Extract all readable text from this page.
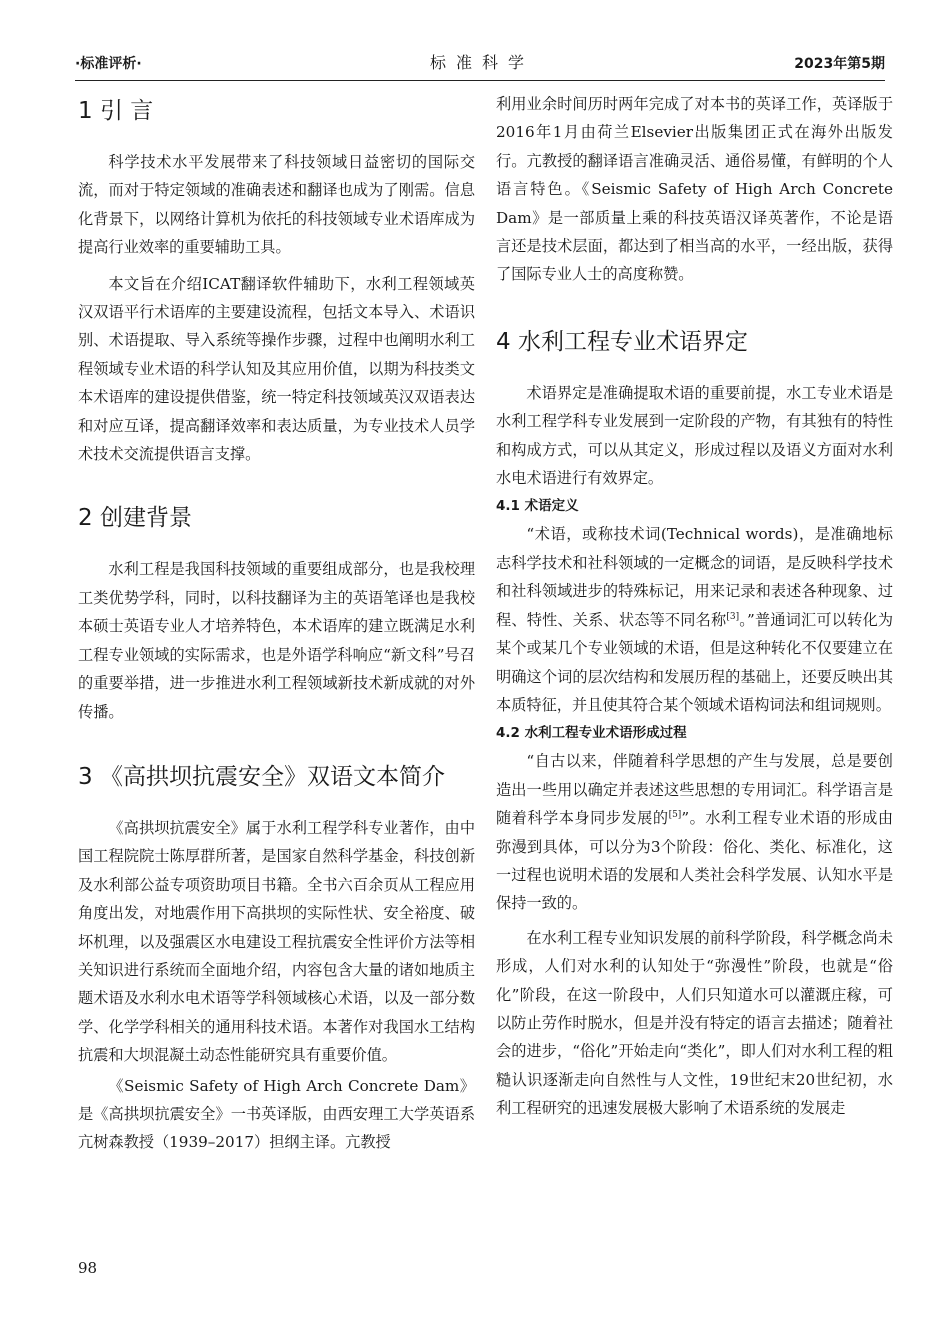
·标准评析·	标准科学	2023年第5期
1 引 言

科学技术水平发展带来了科技领域日益密切的国际交流，而对于特定领域的准确表述和翻译也成为了刚需。信息化背景下，以网络计算机为依托的科技领域专业术语库成为提高行业效率的重要辅助工具。

本文旨在介绍ICAT翻译软件辅助下，水利工程领域英汉双语平行术语库的主要建设流程，包括文本导入、术语识别、术语提取、导入系统等操作步骤，过程中也阐明水利工程领域专业术语的科学认知及其应用价值，以期为科技类文本术语库的建设提供借鉴，统一特定科技领域英汉双语表达和对应互译，提高翻译效率和表达质量，为专业技术人员学术技术交流提供语言支撑。

2 创建背景

水利工程是我国科技领域的重要组成部分，也是我校理工类优势学科，同时，以科技翻译为主的英语笔译也是我校本硕士英语专业人才培养特色，本术语库的建立既满足水利工程专业领域的实际需求，也是外语学科响应“新文科”号召的重要举措，进一步推进水利工程领域新技术新成就的对外传播。

3 《高拱坝抗震安全》双语文本简介

《高拱坝抗震安全》属于水利工程学科专业著作，由中国工程院院士陈厚群所著，是国家自然科学基金，科技创新及水利部公益专项资助项目书籍。全书六百余页从工程应用角度出发，对地震作用下高拱坝的实际性状、安全裕度、破坏机理，以及强震区水电建设工程抗震安全性评价方法等相关知识进行系统而全面地介绍，内容包含大量的诸如地质主题术语及水利水电术语等学科领域核心术语，以及一部分数学、化学学科相关的通用科技术语。本著作对我国水工结构抗震和大坝混凝土动态性能研究具有重要价值。

《Seismic Safety of High Arch Concrete Dam》是《高拱坝抗震安全》一书英译版，由西安理工大学英语系亢树森教授（1939–2017）担纲主译。亢教授

利用业余时间历时两年完成了对本书的英译工作，英译版于2016年1月由荷兰Elsevier出版集团正式在海外出版发行。亢教授的翻译语言准确灵活、通俗易懂，有鲜明的个人语言特色。《Seismic Safety of High Arch Concrete Dam》是一部质量上乘的科技英语汉译英著作，不论是语言还是技术层面，都达到了相当高的水平，一经出版，获得了国际专业人士的高度称赞。

4 水利工程专业术语界定

术语界定是准确提取术语的重要前提，水工专业术语是水利工程学科专业发展到一定阶段的产物，有其独有的特性和构成方式，可以从其定义，形成过程以及语义方面对水利水电术语进行有效界定。

4.1 术语定义

“术语，或称技术词(Technical words)，是准确地标志科学技术和社科领域的一定概念的词语，是反映科学技术和社科领域进步的特殊标记，用来记录和表述各种现象、过程、特性、关系、状态等不同名称[3]。”普通词汇可以转化为某个或某几个专业领域的术语，但是这种转化不仅要建立在明确这个词的层次结构和发展历程的基础上，还要反映出其本质特征，并且使其符合某个领域术语构词法和组词规则。

4.2 水利工程专业术语形成过程

“自古以来，伴随着科学思想的产生与发展，总是要创造出一些用以确定并表述这些思想的专用词汇。科学语言是随着科学本身同步发展的[5]”。水利工程专业术语的形成由弥漫到具体，可以分为3个阶段：俗化、类化、标准化，这一过程也说明术语的发展和人类社会科学发展、认知水平是保持一致的。

在水利工程专业知识发展的前科学阶段，科学概念尚未形成，人们对水利的认知处于“弥漫性”阶段，也就是“俗化”阶段，在这一阶段中，人们只知道水可以灌溉庄稼，可以防止劳作时脱水，但是并没有特定的语言去描述；随着社会的进步，“俗化”开始走向“类化”，即人们对水利工程的粗糙认识逐渐走向自然性与人文性，19世纪末20世纪初，水利工程研究的迅速发展极大影响了术语系统的发展走

98
